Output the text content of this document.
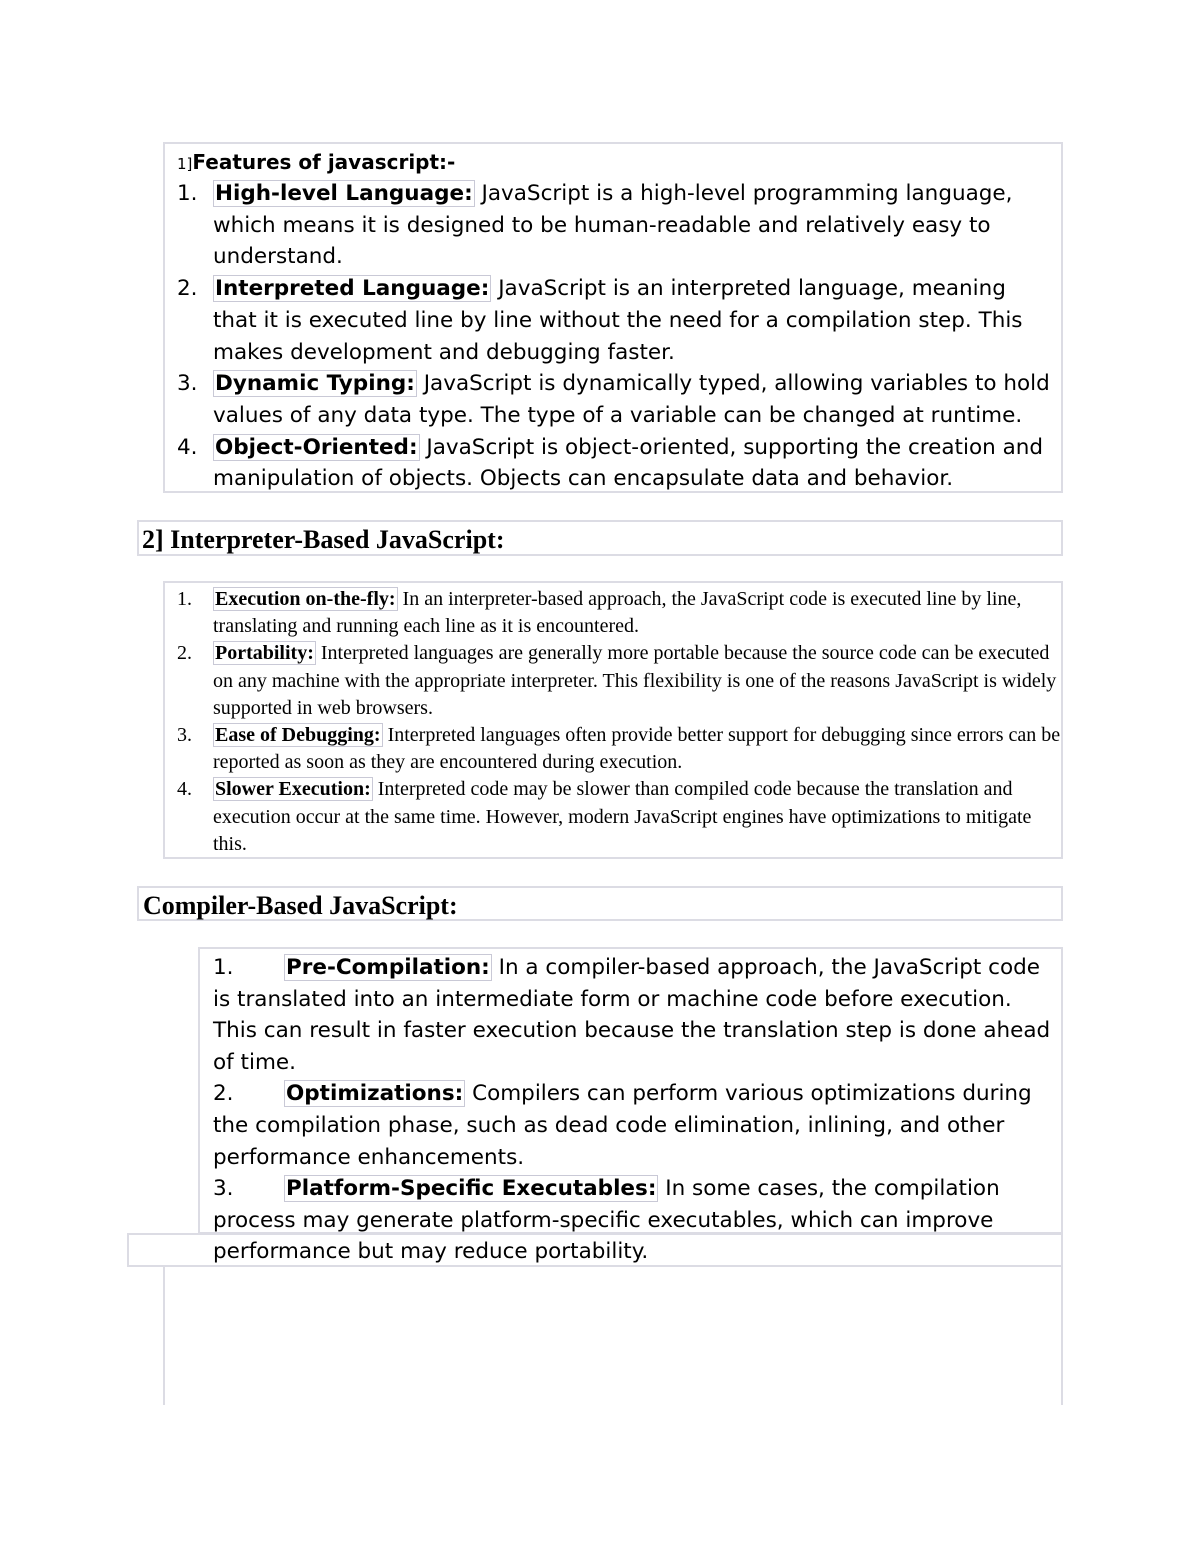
1]Features of javascript:-
1. High-level Language: JavaScript is a high-level programming language, which means it is designed to be human-readable and relatively easy to understand.
2. Interpreted Language: JavaScript is an interpreted language, meaning that it is executed line by line without the need for a compilation step. This makes development and debugging faster.
3. Dynamic Typing: JavaScript is dynamically typed, allowing variables to hold values of any data type. The type of a variable can be changed at runtime.
4. Object-Oriented: JavaScript is object-oriented, supporting the creation and manipulation of objects. Objects can encapsulate data and behavior.
2] Interpreter-Based JavaScript:
1. Execution on-the-fly: In an interpreter-based approach, the JavaScript code is executed line by line, translating and running each line as it is encountered.
2. Portability: Interpreted languages are generally more portable because the source code can be executed on any machine with the appropriate interpreter. This flexibility is one of the reasons JavaScript is widely supported in web browsers.
3. Ease of Debugging: Interpreted languages often provide better support for debugging since errors can be reported as soon as they are encountered during execution.
4. Slower Execution: Interpreted code may be slower than compiled code because the translation and execution occur at the same time. However, modern JavaScript engines have optimizations to mitigate this.
Compiler-Based JavaScript:
1. Pre-Compilation: In a compiler-based approach, the JavaScript code is translated into an intermediate form or machine code before execution. This can result in faster execution because the translation step is done ahead of time.
2. Optimizations: Compilers can perform various optimizations during the compilation phase, such as dead code elimination, inlining, and other performance enhancements.
3. Platform-Specific Executables: In some cases, the compilation process may generate platform-specific executables, which can improve performance but may reduce portability.
